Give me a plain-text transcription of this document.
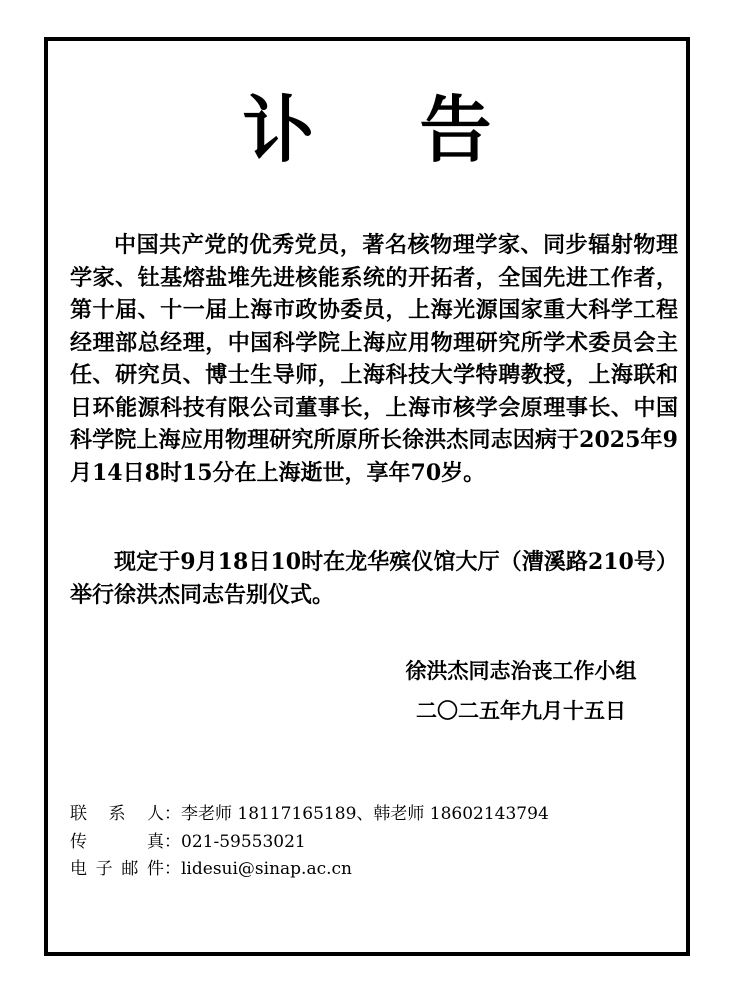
讣 告
中国共产党的优秀党员，著名核物理学家、同步辐射物理学家、钍基熔盐堆先进核能系统的开拓者，全国先进工作者，第十届、十一届上海市政协委员，上海光源国家重大科学工程经理部总经理，中国科学院上海应用物理研究所学术委员会主任、研究员、博士生导师，上海科技大学特聘教授，上海联和日环能源科技有限公司董事长，上海市核学会原理事长、中国科学院上海应用物理研究所原所长徐洪杰同志因病于2025年9月14日8时15分在上海逝世，享年70岁。
现定于9月18日10时在龙华殡仪馆大厅（漕溪路210号）举行徐洪杰同志告别仪式。
徐洪杰同志治丧工作小组
二〇二五年九月十五日
联 系 人 ： 李老师 18117165189、韩老师 18602143794
传 真 ： 021-59553021
电子邮件 ： lidesui@sinap.ac.cn
